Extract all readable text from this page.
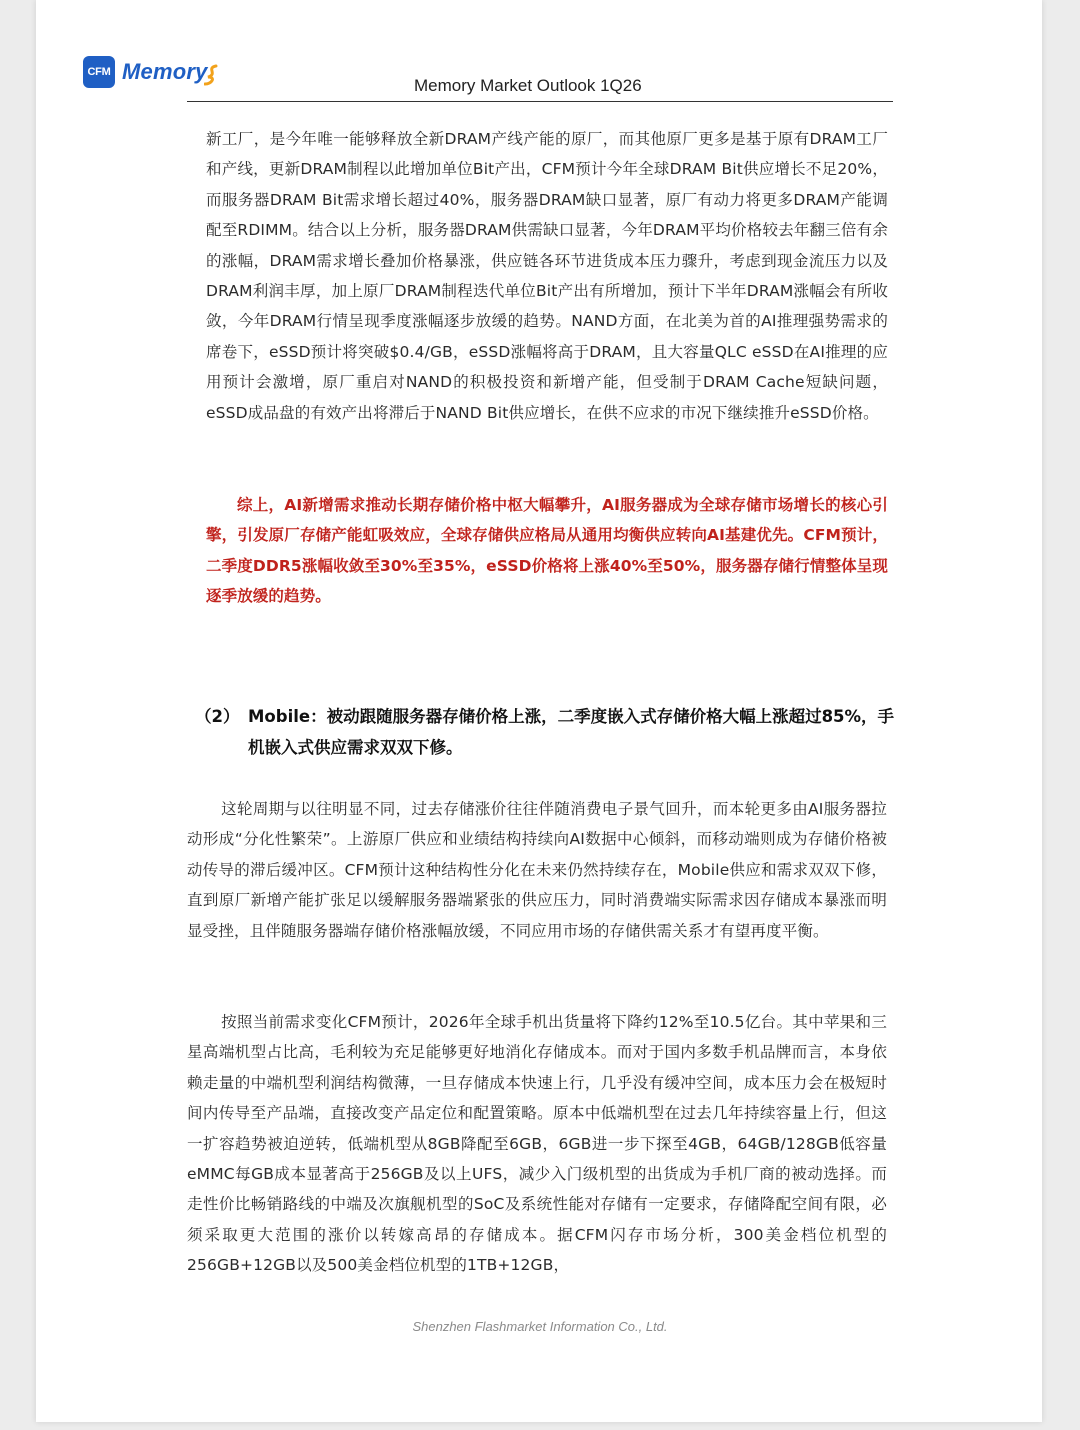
CFM Memory
Memory Market Outlook 1Q26

新工厂，是今年唯一能够释放全新DRAM产线产能的原厂，而其他原厂更多是基于原有DRAM工厂和产线，更新DRAM制程以此增加单位Bit产出，CFM预计今年全球DRAM Bit供应增长不足20%，而服务器DRAM Bit需求增长超过40%，服务器DRAM缺口显著，原厂有动力将更多DRAM产能调配至RDIMM。结合以上分析，服务器DRAM供需缺口显著，今年DRAM平均价格较去年翻三倍有余的涨幅，DRAM需求增长叠加价格暴涨，供应链各环节进货成本压力骤升，考虑到现金流压力以及DRAM利润丰厚，加上原厂DRAM制程迭代单位Bit产出有所增加，预计下半年DRAM涨幅会有所收敛，今年DRAM行情呈现季度涨幅逐步放缓的趋势。NAND方面，在北美为首的AI推理强势需求的席卷下，eSSD预计将突破$0.4/GB，eSSD涨幅将高于DRAM，且大容量QLC eSSD在AI推理的应用预计会激增，原厂重启对NAND的积极投资和新增产能，但受制于DRAM Cache短缺问题，eSSD成品盘的有效产出将滞后于NAND Bit供应增长，在供不应求的市况下继续推升eSSD价格。

综上，AI新增需求推动长期存储价格中枢大幅攀升，AI服务器成为全球存储市场增长的核心引擎，引发原厂存储产能虹吸效应，全球存储供应格局从通用均衡供应转向AI基建优先。CFM预计，二季度DDR5涨幅收敛至30%至35%，eSSD价格将上涨40%至50%，服务器存储行情整体呈现逐季放缓的趋势。

（2） Mobile：被动跟随服务器存储价格上涨，二季度嵌入式存储价格大幅上涨超过85%，手机嵌入式供应需求双双下修。

这轮周期与以往明显不同，过去存储涨价往往伴随消费电子景气回升，而本轮更多由AI服务器拉动形成“分化性繁荣”。上游原厂供应和业绩结构持续向AI数据中心倾斜，而移动端则成为存储价格被动传导的滞后缓冲区。CFM预计这种结构性分化在未来仍然持续存在，Mobile供应和需求双双下修，直到原厂新增产能扩张足以缓解服务器端紧张的供应压力，同时消费端实际需求因存储成本暴涨而明显受挫，且伴随服务器端存储价格涨幅放缓，不同应用市场的存储供需关系才有望再度平衡。

按照当前需求变化CFM预计，2026年全球手机出货量将下降约12%至10.5亿台。其中苹果和三星高端机型占比高，毛利较为充足能够更好地消化存储成本。而对于国内多数手机品牌而言，本身依赖走量的中端机型利润结构微薄，一旦存储成本快速上行，几乎没有缓冲空间，成本压力会在极短时间内传导至产品端，直接改变产品定位和配置策略。原本中低端机型在过去几年持续容量上行，但这一扩容趋势被迫逆转，低端机型从8GB降配至6GB，6GB进一步下探至4GB，64GB/128GB低容量eMMC每GB成本显著高于256GB及以上UFS，减少入门级机型的出货成为手机厂商的被动选择。而走性价比畅销路线的中端及次旗舰机型的SoC及系统性能对存储有一定要求，存储降配空间有限，必须采取更大范围的涨价以转嫁高昂的存储成本。据CFM闪存市场分析，300美金档位机型的256GB+12GB以及500美金档位机型的1TB+12GB，

Shenzhen Flashmarket Information Co., Ltd.
